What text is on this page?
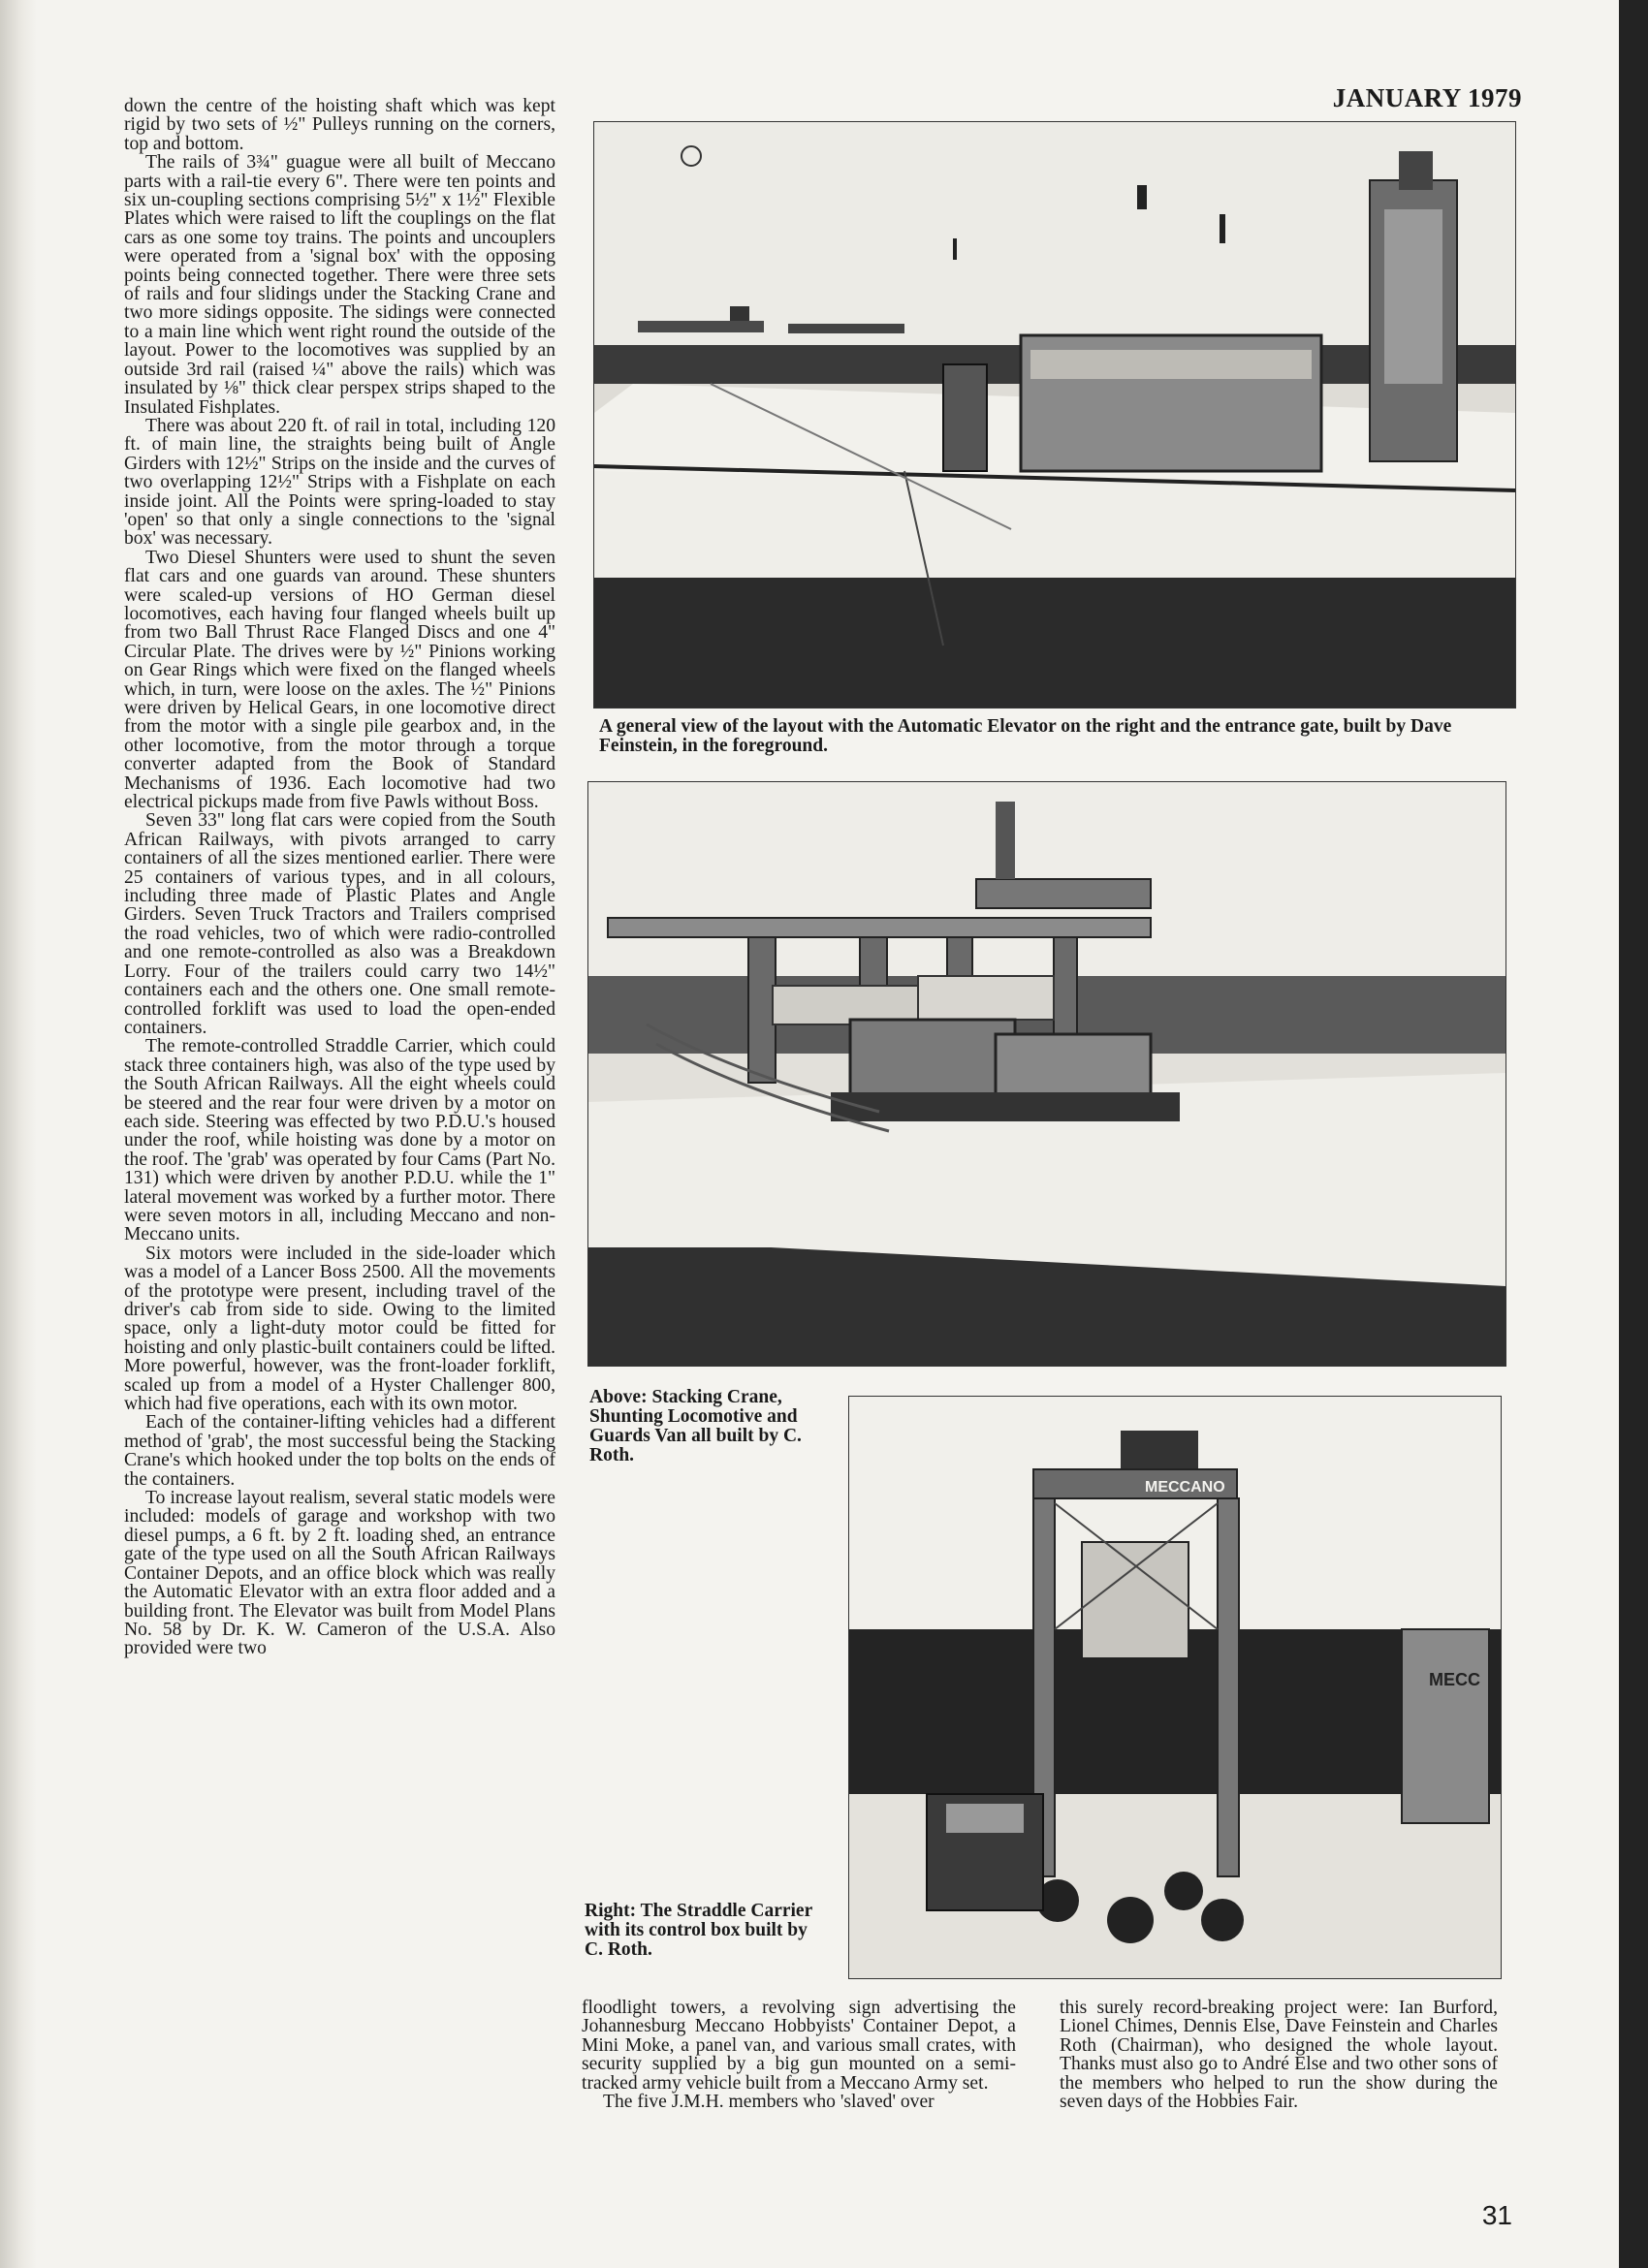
JANUARY 1979

down the centre of the hoisting shaft which was kept rigid by two sets of ½" Pulleys running on the corners, top and bottom.

The rails of 3¾" guague were all built of Meccano parts with a rail-tie every 6". There were ten points and six un-coupling sections comprising 5½" x 1½" Flexible Plates which were raised to lift the couplings on the flat cars as one some toy trains. The points and uncouplers were operated from a 'signal box' with the opposing points being connected together. There were three sets of rails and four slidings under the Stacking Crane and two more sidings opposite. The sidings were connected to a main line which went right round the outside of the layout. Power to the locomotives was supplied by an outside 3rd rail (raised ¼" above the rails) which was insulated by ⅛" thick clear perspex strips shaped to the Insulated Fishplates.

There was about 220 ft. of rail in total, including 120 ft. of main line, the straights being built of Angle Girders with 12½" Strips on the inside and the curves of two overlapping 12½" Strips with a Fishplate on each inside joint. All the Points were spring-loaded to stay 'open' so that only a single connections to the 'signal box' was necessary.

Two Diesel Shunters were used to shunt the seven flat cars and one guards van around. These shunters were scaled-up versions of HO German diesel locomotives, each having four flanged wheels built up from two Ball Thrust Race Flanged Discs and one 4" Circular Plate. The drives were by ½" Pinions working on Gear Rings which were fixed on the flanged wheels which, in turn, were loose on the axles. The ½" Pinions were driven by Helical Gears, in one locomotive direct from the motor with a single pile gearbox and, in the other locomotive, from the motor through a torque converter adapted from the Book of Standard Mechanisms of 1936. Each locomotive had two electrical pickups made from five Pawls without Boss.

Seven 33" long flat cars were copied from the South African Railways, with pivots arranged to carry containers of all the sizes mentioned earlier. There were 25 containers of various types, and in all colours, including three made of Plastic Plates and Angle Girders. Seven Truck Tractors and Trailers comprised the road vehicles, two of which were radio-controlled and one remote-controlled as also was a Breakdown Lorry. Four of the trailers could carry two 14½" containers each and the others one. One small remote-controlled forklift was used to load the open-ended containers.

The remote-controlled Straddle Carrier, which could stack three containers high, was also of the type used by the South African Railways. All the eight wheels could be steered and the rear four were driven by a motor on each side. Steering was effected by two P.D.U.'s housed under the roof, while hoisting was done by a motor on the roof. The 'grab' was operated by four Cams (Part No. 131) which were driven by another P.D.U. while the 1" lateral movement was worked by a further motor. There were seven motors in all, including Meccano and non-Meccano units.

Six motors were included in the side-loader which was a model of a Lancer Boss 2500. All the movements of the prototype were present, including travel of the driver's cab from side to side. Owing to the limited space, only a light-duty motor could be fitted for hoisting and only plastic-built containers could be lifted. More powerful, however, was the front-loader forklift, scaled up from a model of a Hyster Challenger 800, which had five operations, each with its own motor.

Each of the container-lifting vehicles had a different method of 'grab', the most successful being the Stacking Crane's which hooked under the top bolts on the ends of the containers.

To increase layout realism, several static models were included: models of garage and workshop with two diesel pumps, a 6 ft. by 2 ft. loading shed, an entrance gate of the type used on all the South African Railways Container Depots, and an office block which was really the Automatic Elevator with an extra floor added and a building front. The Elevator was built from Model Plans No. 58 by Dr. K. W. Cameron of the U.S.A. Also provided were two

A general view of the layout with the Automatic Elevator on the right and the entrance gate, built by Dave Feinstein, in the foreground.
Above: Stacking Crane, Shunting Locomotive and Guards Van all built by C. Roth.
MECC
MECCANO
Right: The Straddle Carrier with its control box built by C. Roth.

floodlight towers, a revolving sign advertising the Johannesburg Meccano Hobbyists' Container Depot, a Mini Moke, a panel van, and various small crates, with security supplied by a big gun mounted on a semi-tracked army vehicle built from a Meccano Army set.

The five J.M.H. members who 'slaved' over

this surely record-breaking project were: Ian Burford, Lionel Chimes, Dennis Else, Dave Feinstein and Charles Roth (Chairman), who designed the whole layout. Thanks must also go to André Else and two other sons of the members who helped to run the show during the seven days of the Hobbies Fair.

31
